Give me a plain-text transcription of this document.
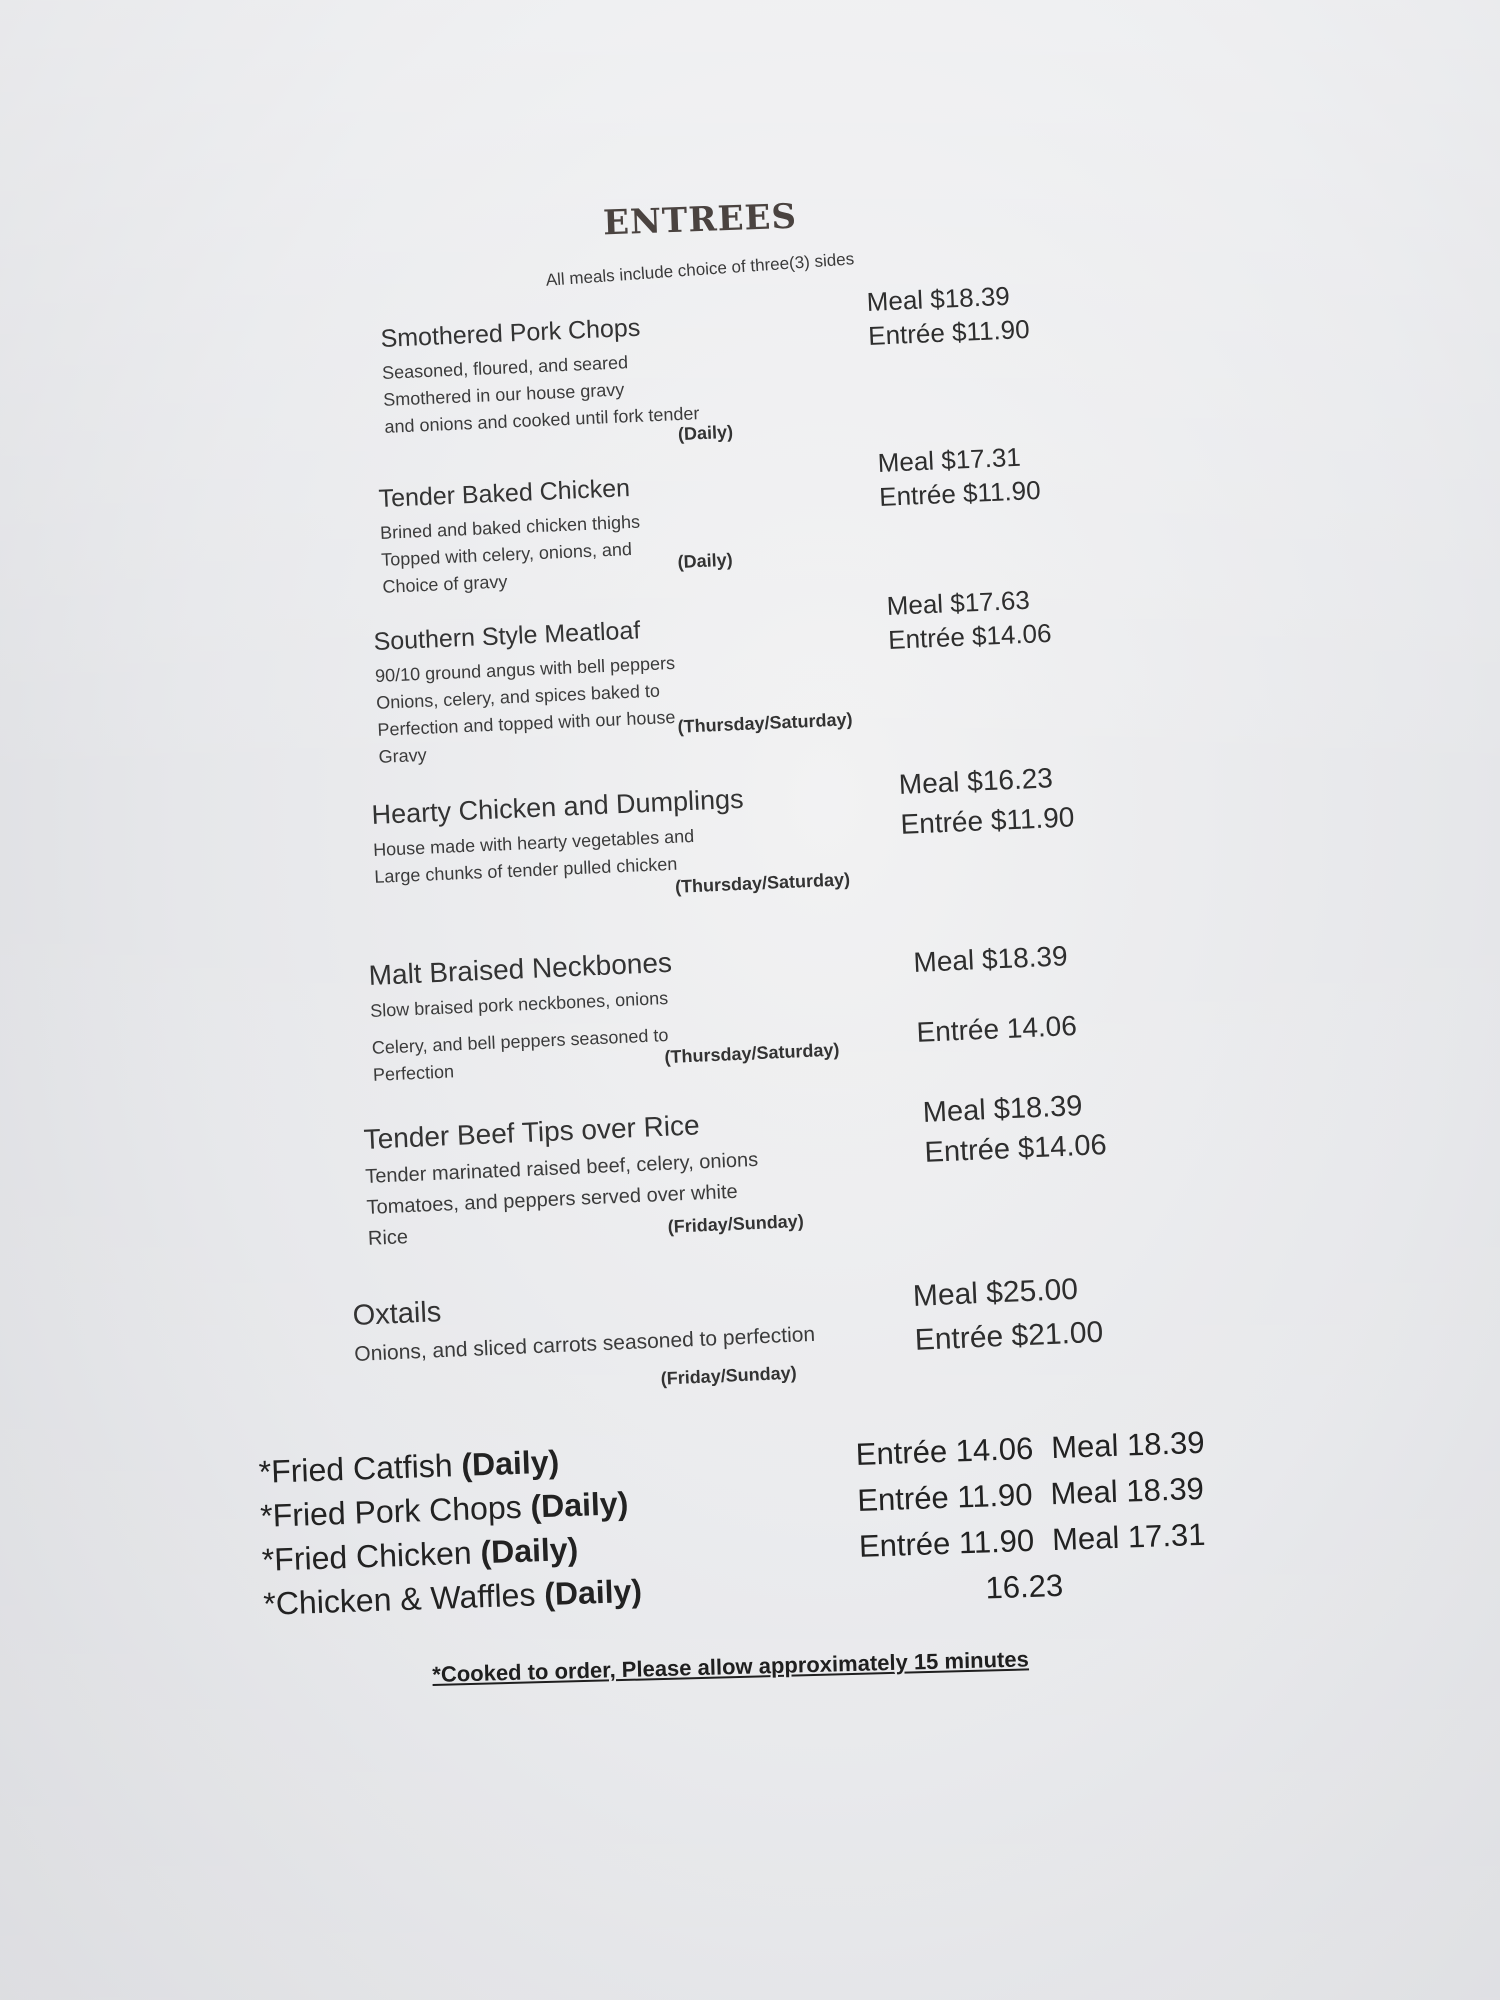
ENTREES
All meals include choice of three(3) sides
Smothered Pork Chops
Seasoned, floured, and seared
Smothered in our house gravy
and onions and cooked until fork tender
(Daily)
Meal $18.39
Entrée $11.90
Tender Baked Chicken
Brined and baked chicken thighs
Topped with celery, onions, and
Choice of gravy
(Daily)
Meal $17.31
Entrée $11.90
Southern Style Meatloaf
90/10 ground angus with bell peppers
Onions, celery, and spices baked to
Perfection and topped with our house
Gravy
(Thursday/Saturday)
Meal $17.63
Entrée $14.06
Hearty Chicken and Dumplings
House made with hearty vegetables and
Large chunks of tender pulled chicken
(Thursday/Saturday)
Meal $16.23
Entrée $11.90
Malt Braised Neckbones
Slow braised pork neckbones, onions
Celery, and bell peppers seasoned to
Perfection
(Thursday/Saturday)
Meal $18.39
Entrée 14.06
Tender Beef Tips over Rice
Tender marinated raised beef, celery, onions
Tomatoes, and peppers served over white
Rice
(Friday/Sunday)
Meal $18.39
Entrée $14.06
Oxtails
Onions, and sliced carrots seasoned to perfection
(Friday/Sunday)
Meal $25.00
Entrée $21.00
*Fried Catfish (Daily)
*Fried Pork Chops (Daily)
*Fried Chicken (Daily)
*Chicken & Waffles (Daily)
Entrée 14.06 Meal 18.39
Entrée 11.90 Meal 18.39
Entrée 11.90 Meal 17.31
16.23
*Cooked to order, Please allow approximately 15 minutes
